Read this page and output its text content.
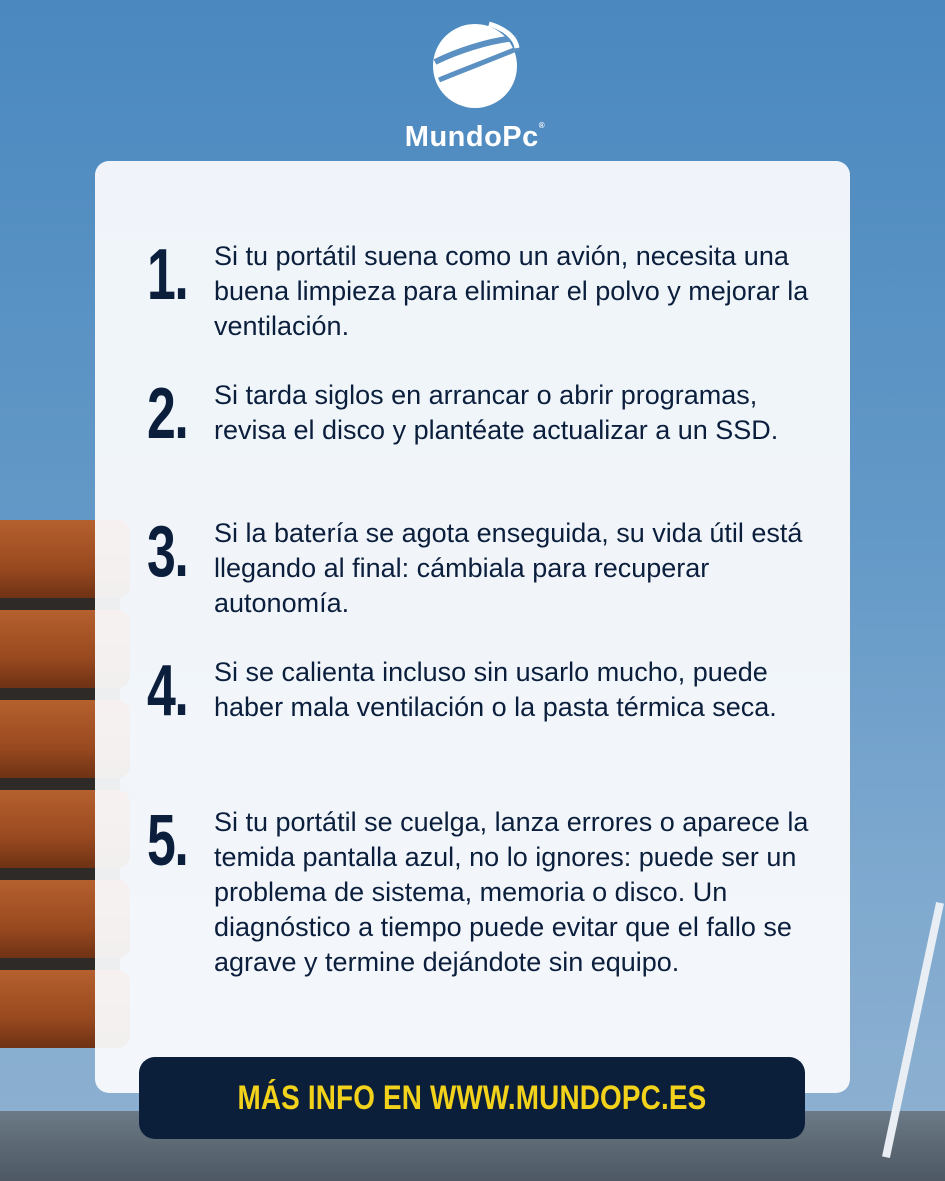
MundoPc®
1. Si tu portátil suena como un avión, necesita una buena limpieza para eliminar el polvo y mejorar la ventilación.
2. Si tarda siglos en arrancar o abrir programas, revisa el disco y plantéate actualizar a un SSD.
3. Si la batería se agota enseguida, su vida útil está llegando al final: cámbiala para recuperar autonomía.
4. Si se calienta incluso sin usarlo mucho, puede haber mala ventilación o la pasta térmica seca.
5. Si tu portátil se cuelga, lanza errores o aparece la temida pantalla azul, no lo ignores: puede ser un problema de sistema, memoria o disco. Un diagnóstico a tiempo puede evitar que el fallo se agrave y termine dejándote sin equipo.
MÁS INFO EN WWW.MUNDOPC.ES
